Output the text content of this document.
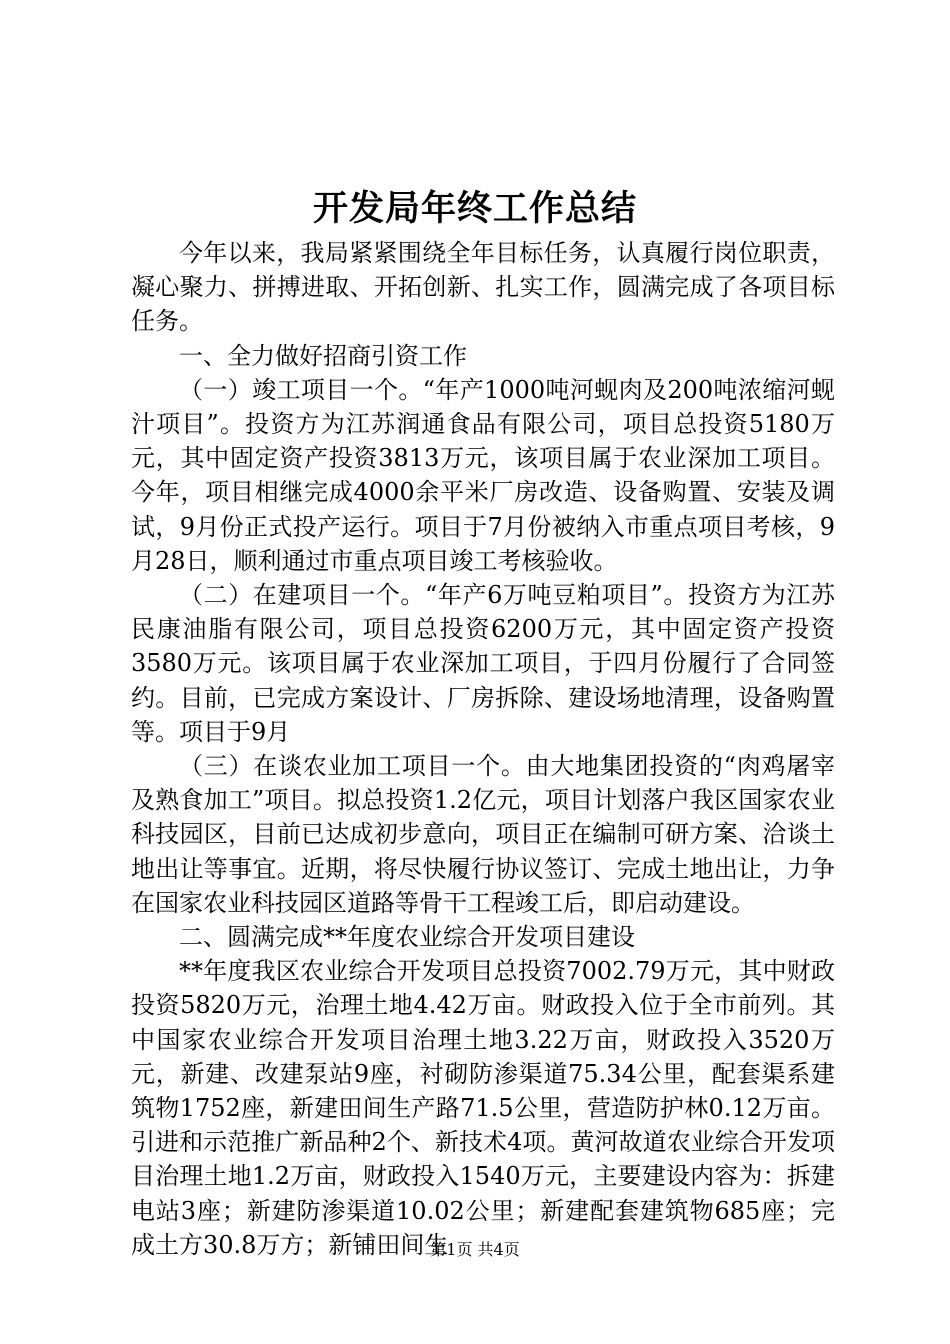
开发局年终工作总结

今年以来，我局紧紧围绕全年目标任务，认真履行岗位职责，凝心聚力、拼搏进取、开拓创新、扎实工作，圆满完成了各项目标任务。

一、全力做好招商引资工作

（一）竣工项目一个。“年产1000吨河蚬肉及200吨浓缩河蚬汁项目”。投资方为江苏润通食品有限公司，项目总投资5180万元，其中固定资产投资3813万元，该项目属于农业深加工项目。今年，项目相继完成4000余平米厂房改造、设备购置、安装及调试，9月份正式投产运行。项目于7月份被纳入市重点项目考核，9月28日，顺利通过市重点项目竣工考核验收。

（二）在建项目一个。“年产6万吨豆粕项目”。投资方为江苏民康油脂有限公司，项目总投资6200万元，其中固定资产投资3580万元。该项目属于农业深加工项目，于四月份履行了合同签约。目前，已完成方案设计、厂房拆除、建设场地清理，设备购置等。项目于9月

（三）在谈农业加工项目一个。由大地集团投资的“肉鸡屠宰及熟食加工”项目。拟总投资1.2亿元，项目计划落户我区国家农业科技园区，目前已达成初步意向，项目正在编制可研方案、洽谈土地出让等事宜。近期，将尽快履行协议签订、完成土地出让，力争在国家农业科技园区道路等骨干工程竣工后，即启动建设。

二、圆满完成**年度农业综合开发项目建设

**年度我区农业综合开发项目总投资7002.79万元，其中财政投资5820万元，治理土地4.42万亩。财政投入位于全市前列。其中国家农业综合开发项目治理土地3.22万亩，财政投入3520万元，新建、改建泵站9座，衬砌防渗渠道75.34公里，配套渠系建筑物1752座，新建田间生产路71.5公里，营造防护林0.12万亩。引进和示范推广新品种2个、新技术4项。黄河故道农业综合开发项目治理土地1.2万亩，财政投入1540万元，主要建设内容为：拆建电站3座；新建防渗渠道10.02公里；新建配套建筑物685座；完成土方30.8万方；新铺田间生

第1页 共4页
